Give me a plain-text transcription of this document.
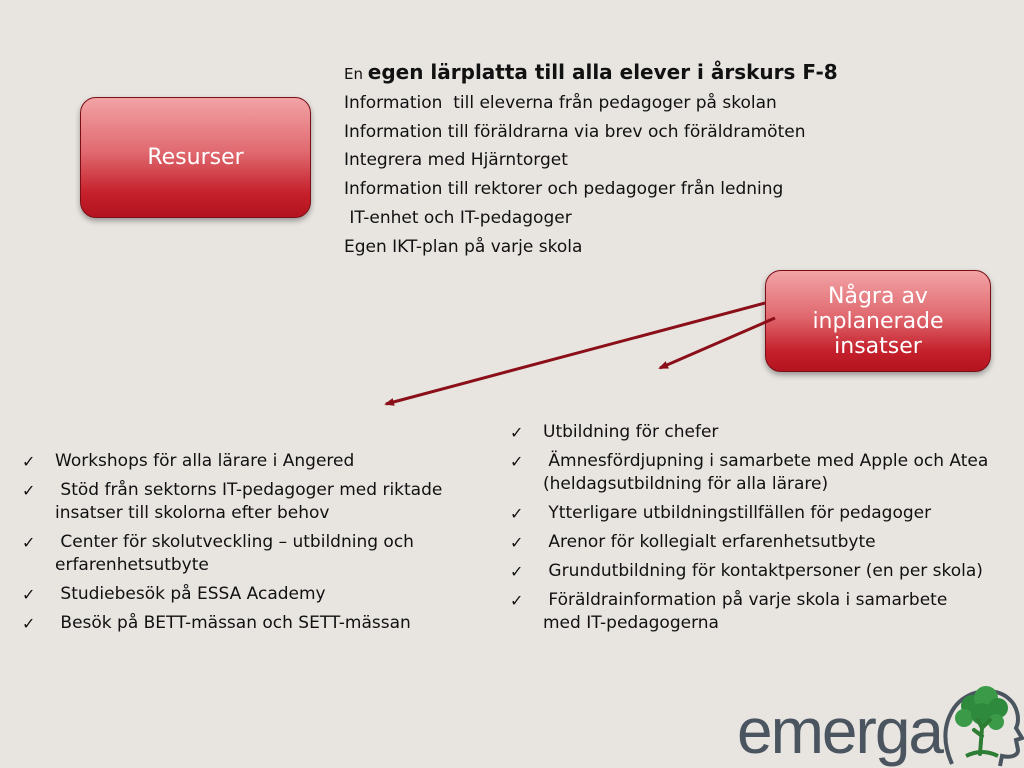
Resurser
En egen lärplatta till alla elever i årskurs F-8
Information  till eleverna från pedagoger på skolan
Information till föräldrarna via brev och föräldramöten
Integrera med Hjärntorget
Information till rektorer och pedagoger från ledning
IT-enhet och IT-pedagoger
Egen IKT-plan på varje skola
Några av inplanerade insatser
✓	Workshops för alla lärare i Angered
✓	Stöd från sektorns IT-pedagoger med riktade insatser till skolorna efter behov
✓	Center för skolutveckling – utbildning och erfarenhetsutbyte
✓	Studiebesök på ESSA Academy
✓	Besök på BETT-mässan och SETT-mässan
✓	Utbildning för chefer
✓	Ämnesfördjupning i samarbete med Apple och Atea (heldagsutbildning för alla lärare)
✓	Ytterligare utbildningstillfällen för pedagoger
✓	Arenor för kollegialt erfarenhetsutbyte
✓	Grundutbildning för kontaktpersoner (en per skola)
✓	Föräldrainformation på varje skola i samarbete med IT-pedagogerna
emerga
